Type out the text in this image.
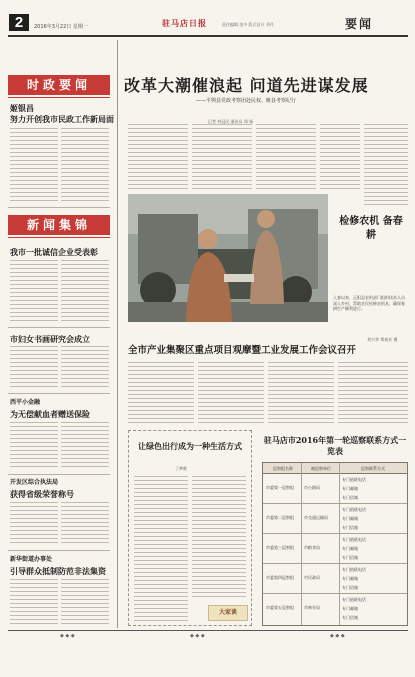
2	2016年3月22日 星期一	驻马店日报	责任编辑 张中 版式设计 刘丹	要闻
时政要闻
姬银昌
努力开创我市民政工作新局面
新闻集锦
我市一批诚信企业受表彰
市妇女书画研究会成立
西平小金融
为无偿献血者赠送保险
开发区综合执法局
获得省级荣誉称号
新华街道办事处
引导群众抵制防范非法集资
改革大潮催浪起 问道先进谋发展
——平舆县党政考察团赴民权、睢县考察纪行
记者 何冠民 通讯员 郑 杨
检修农机 备春耕
入春以来，正阳县农机部门组织技术人员深入乡村，帮助农民检修农机具，确保春耕生产顺利进行。
刘兴华 覃春亚 摄
全市产业集聚区重点项目观摩暨工业发展工作会议召开
让绿色出行成为一种生活方式
丁梦维
大家谈
驻马店市2016年第一轮巡察联系方式一览表
巡察组名称	被巡察单位	巡察联系方式
市委第一巡察组	市公路局
专门值班电话
专门邮箱
专门信箱
市委第二巡察组	市交通运输局
专门值班电话
专门邮箱
专门信箱
市委第三巡察组	市粮食局
专门值班电话
专门邮箱
专门信箱
市委第四巡察组	市民政局
专门值班电话
专门邮箱
专门信箱
市委第五巡察组	市林业局
专门值班电话
专门邮箱
专门信箱
◆ ◆ ◆	◆ ◆ ◆	◆ ◆ ◆
